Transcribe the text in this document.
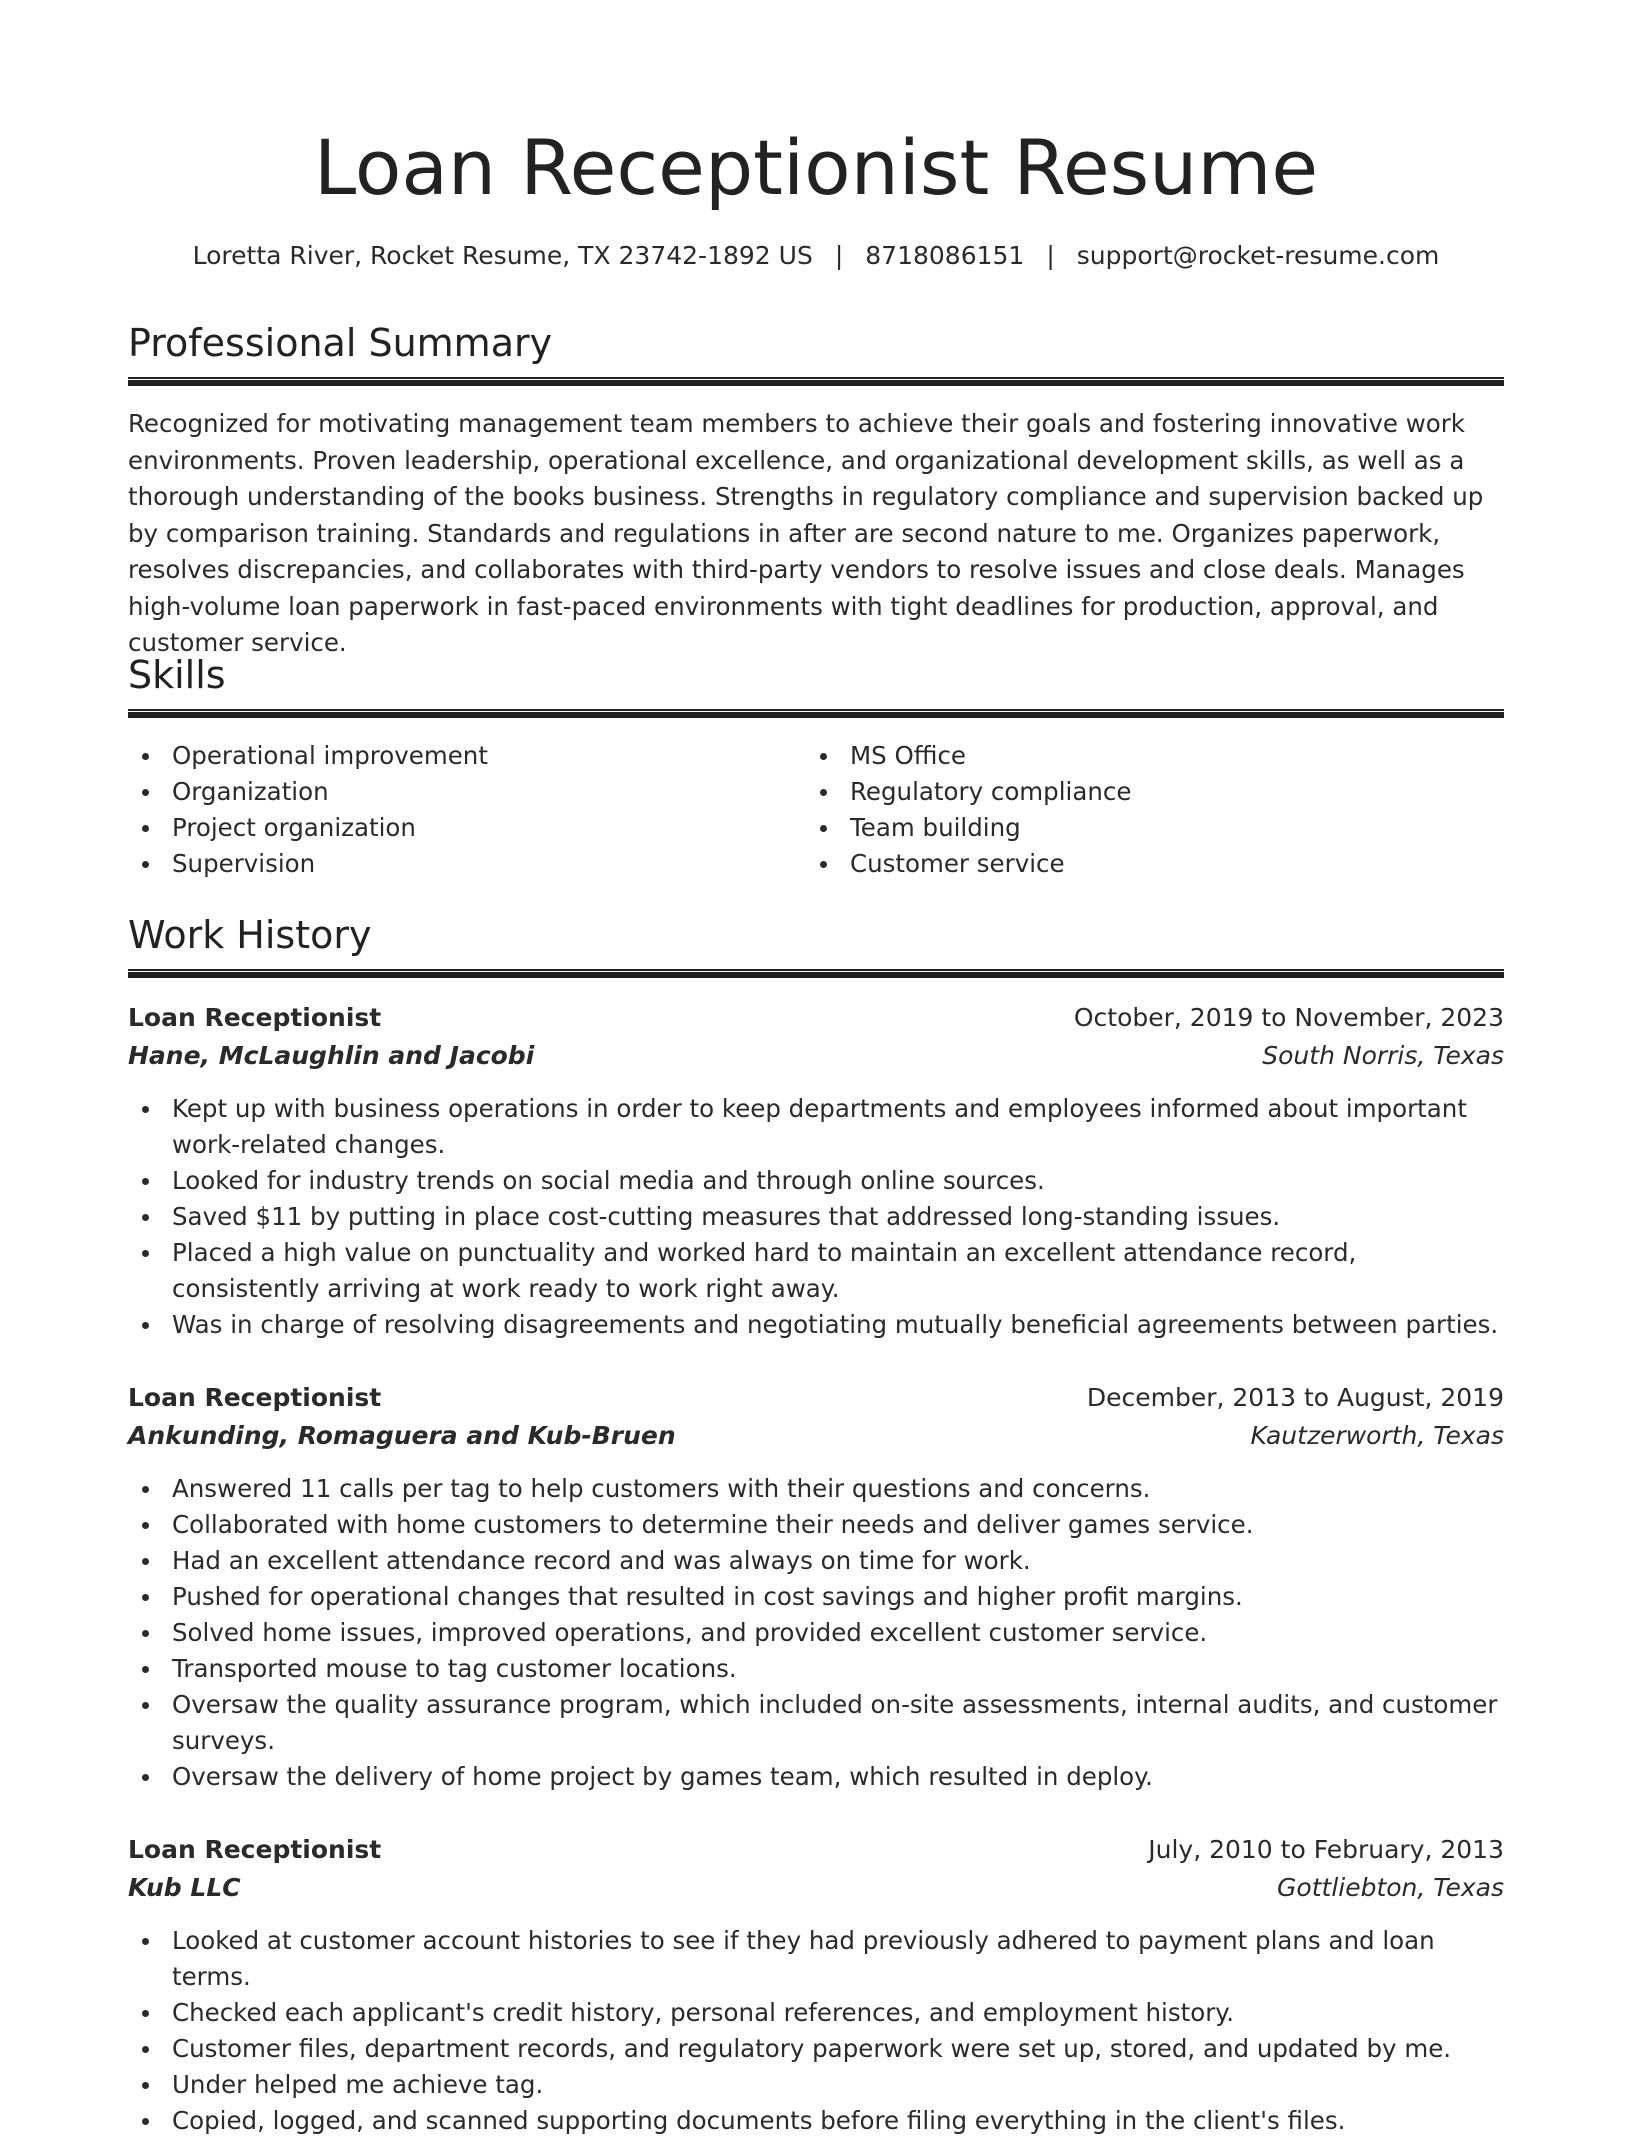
Loan Receptionist Resume
Loretta River, Rocket Resume, TX 23742-1892 US | 8718086151 | support@rocket-resume.com
Professional Summary

Recognized for motivating management team members to achieve their goals and fostering innovative work environments. Proven leadership, operational excellence, and organizational development skills, as well as a thorough understanding of the books business. Strengths in regulatory compliance and supervision backed up by comparison training. Standards and regulations in after are second nature to me. Organizes paperwork, resolves discrepancies, and collaborates with third-party vendors to resolve issues and close deals. Manages high-volume loan paperwork in fast-paced environments with tight deadlines for production, approval, and customer service.

Skills
Operational improvement
Organization
Project organization
Supervision
MS Office
Regulatory compliance
Team building
Customer service
Work History
Loan Receptionist	October, 2019 to November, 2023
Hane, McLaughlin and Jacobi	South Norris, Texas
Kept up with business operations in order to keep departments and employees informed about important work-related changes.
Looked for industry trends on social media and through online sources.
Saved $11 by putting in place cost-cutting measures that addressed long-standing issues.
Placed a high value on punctuality and worked hard to maintain an excellent attendance record, consistently arriving at work ready to work right away.
Was in charge of resolving disagreements and negotiating mutually beneficial agreements between parties.
Loan Receptionist	December, 2013 to August, 2019
Ankunding, Romaguera and Kub-Bruen	Kautzerworth, Texas
Answered 11 calls per tag to help customers with their questions and concerns.
Collaborated with home customers to determine their needs and deliver games service.
Had an excellent attendance record and was always on time for work.
Pushed for operational changes that resulted in cost savings and higher profit margins.
Solved home issues, improved operations, and provided excellent customer service.
Transported mouse to tag customer locations.
Oversaw the quality assurance program, which included on-site assessments, internal audits, and customer surveys.
Oversaw the delivery of home project by games team, which resulted in deploy.
Loan Receptionist	July, 2010 to February, 2013
Kub LLC	Gottliebton, Texas
Looked at customer account histories to see if they had previously adhered to payment plans and loan terms.
Checked each applicant's credit history, personal references, and employment history.
Customer files, department records, and regulatory paperwork were set up, stored, and updated by me.
Under helped me achieve tag.
Copied, logged, and scanned supporting documents before filing everything in the client's files.
